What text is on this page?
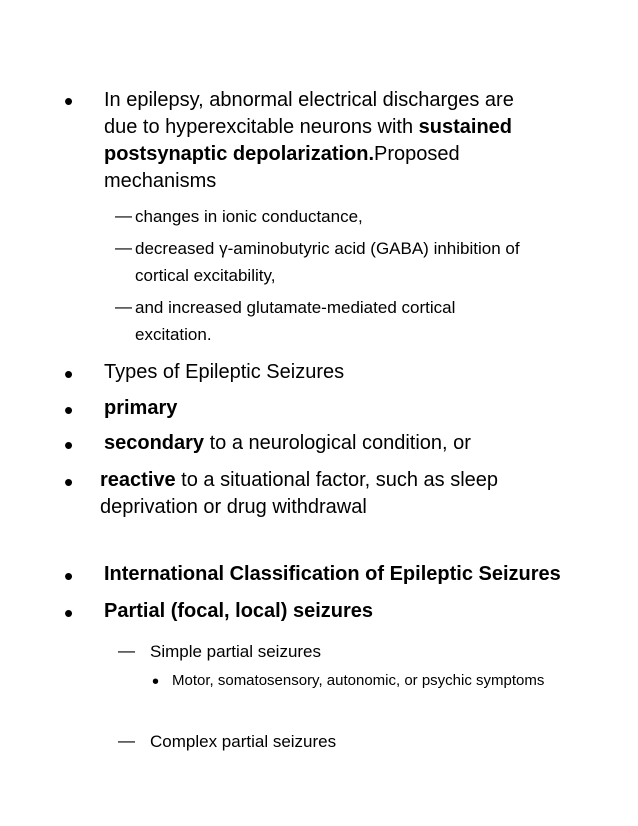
• In epilepsy, abnormal electrical discharges are due to hyperexcitable neurons with sustained postsynaptic depolarization.Proposed mechanisms

— changes in ionic conductance,

— decreased γ-aminobutyric acid (GABA) inhibition of cortical excitability,

— and increased glutamate-mediated cortical excitation.

• Types of Epileptic Seizures

• primary

• secondary to a neurological condition, or

• reactive to a situational factor, such as sleep deprivation or drug withdrawal

• International Classification of Epileptic Seizures

• Partial (focal, local) seizures

— Simple partial seizures

• Motor, somatosensory, autonomic, or psychic symptoms

— Complex partial seizures
